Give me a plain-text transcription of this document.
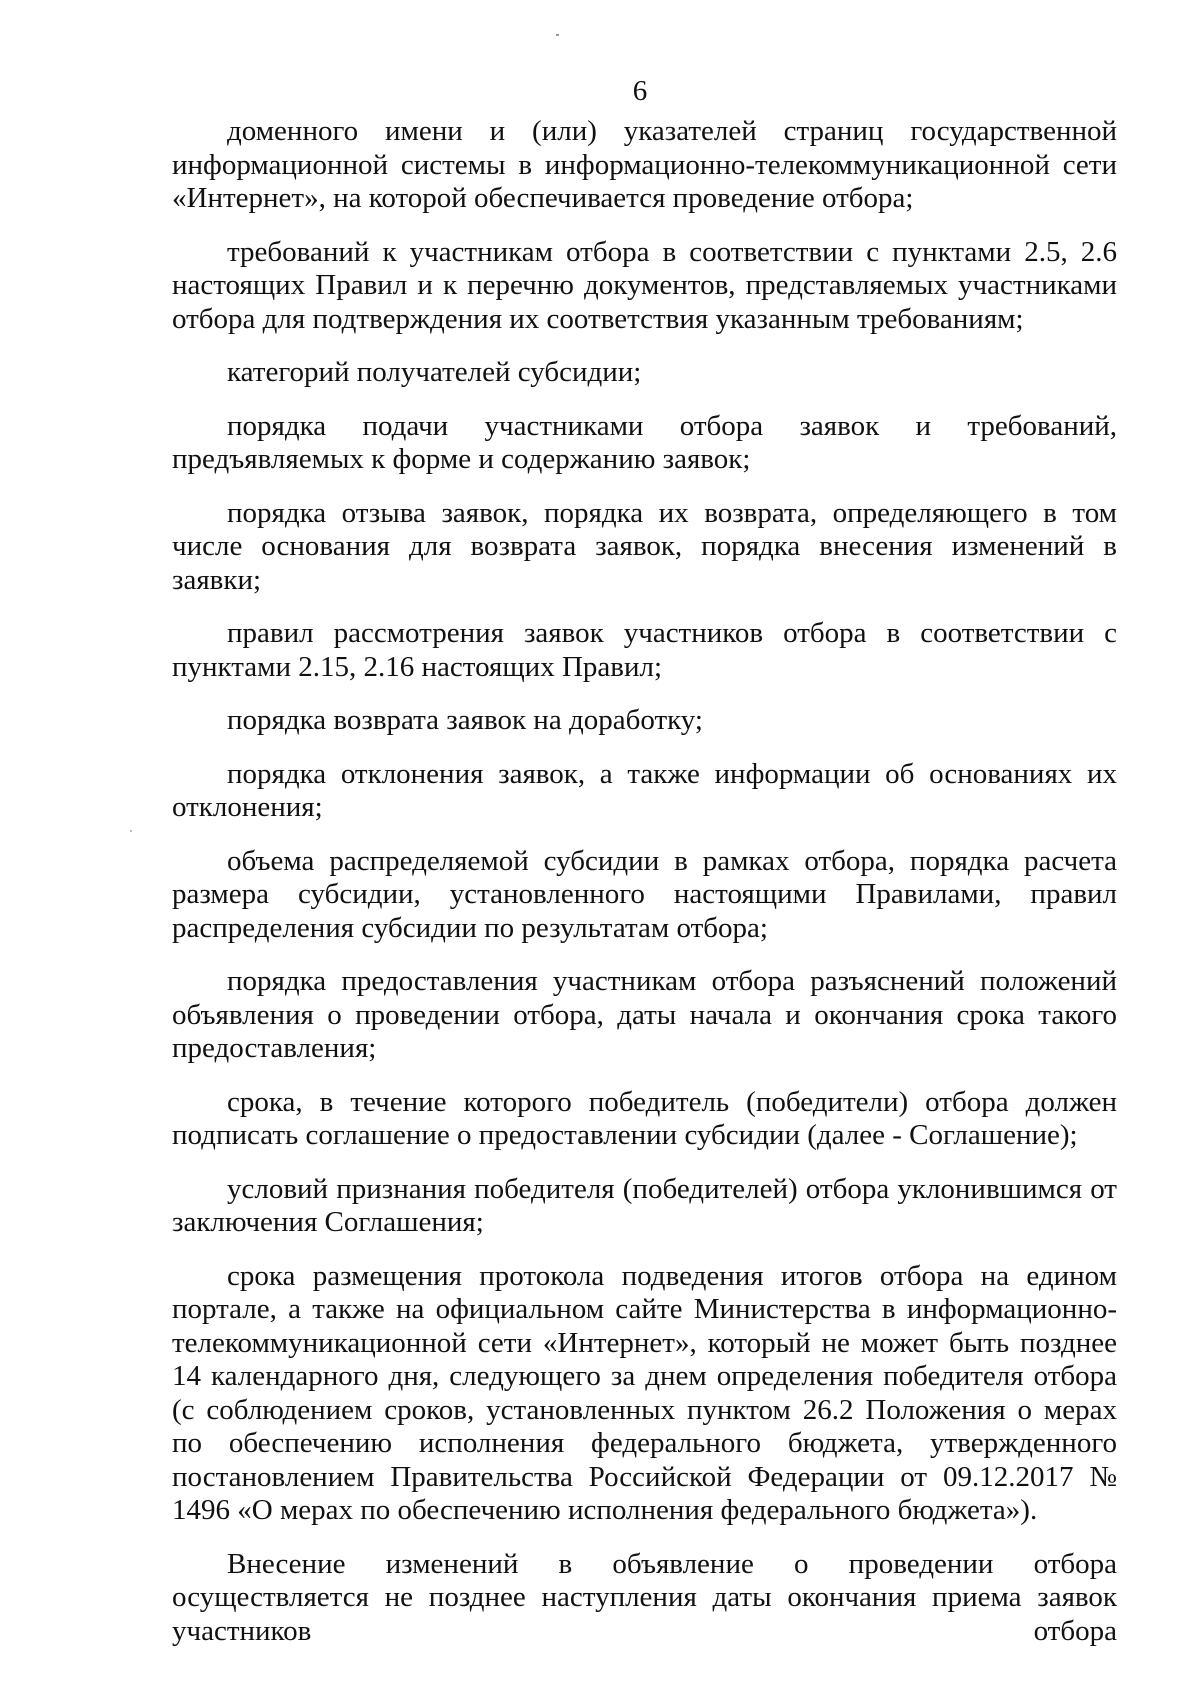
6

доменного имени и (или) указателей страниц государственной информационной системы в информационно-телекоммуникационной сети «Интернет», на которой обеспечивается проведение отбора;

требований к участникам отбора в соответствии с пунктами 2.5, 2.6 настоящих Правил и к перечню документов, представляемых участниками отбора для подтверждения их соответствия указанным требованиям;

категорий получателей субсидии;

порядка подачи участниками отбора заявок и требований, предъявляемых к форме и содержанию заявок;

порядка отзыва заявок, порядка их возврата, определяющего в том числе основания для возврата заявок, порядка внесения изменений в заявки;

правил рассмотрения заявок участников отбора в соответствии с пунктами 2.15, 2.16 настоящих Правил;

порядка возврата заявок на доработку;

порядка отклонения заявок, а также информации об основаниях их отклонения;

объема распределяемой субсидии в рамках отбора, порядка расчета размера субсидии, установленного настоящими Правилами, правил распределения субсидии по результатам отбора;

порядка предоставления участникам отбора разъяснений положений объявления о проведении отбора, даты начала и окончания срока такого предоставления;

срока, в течение которого победитель (победители) отбора должен подписать соглашение о предоставлении субсидии (далее - Соглашение);

условий признания победителя (победителей) отбора уклонившимся от заключения Соглашения;

срока размещения протокола подведения итогов отбора на едином портале, а также на официальном сайте Министерства в информационно-телекоммуникационной сети «Интернет», который не может быть позднее 14 календарного дня, следующего за днем определения победителя отбора (с соблюдением сроков, установленных пунктом 26.2 Положения о мерах по обеспечению исполнения федерального бюджета, утвержденного постановлением Правительства Российской Федерации от 09.12.2017 № 1496 «О мерах по обеспечению исполнения федерального бюджета»).

Внесение изменений в объявление о проведении отбора осуществляется не позднее наступления даты окончания приема заявок участников отбора
